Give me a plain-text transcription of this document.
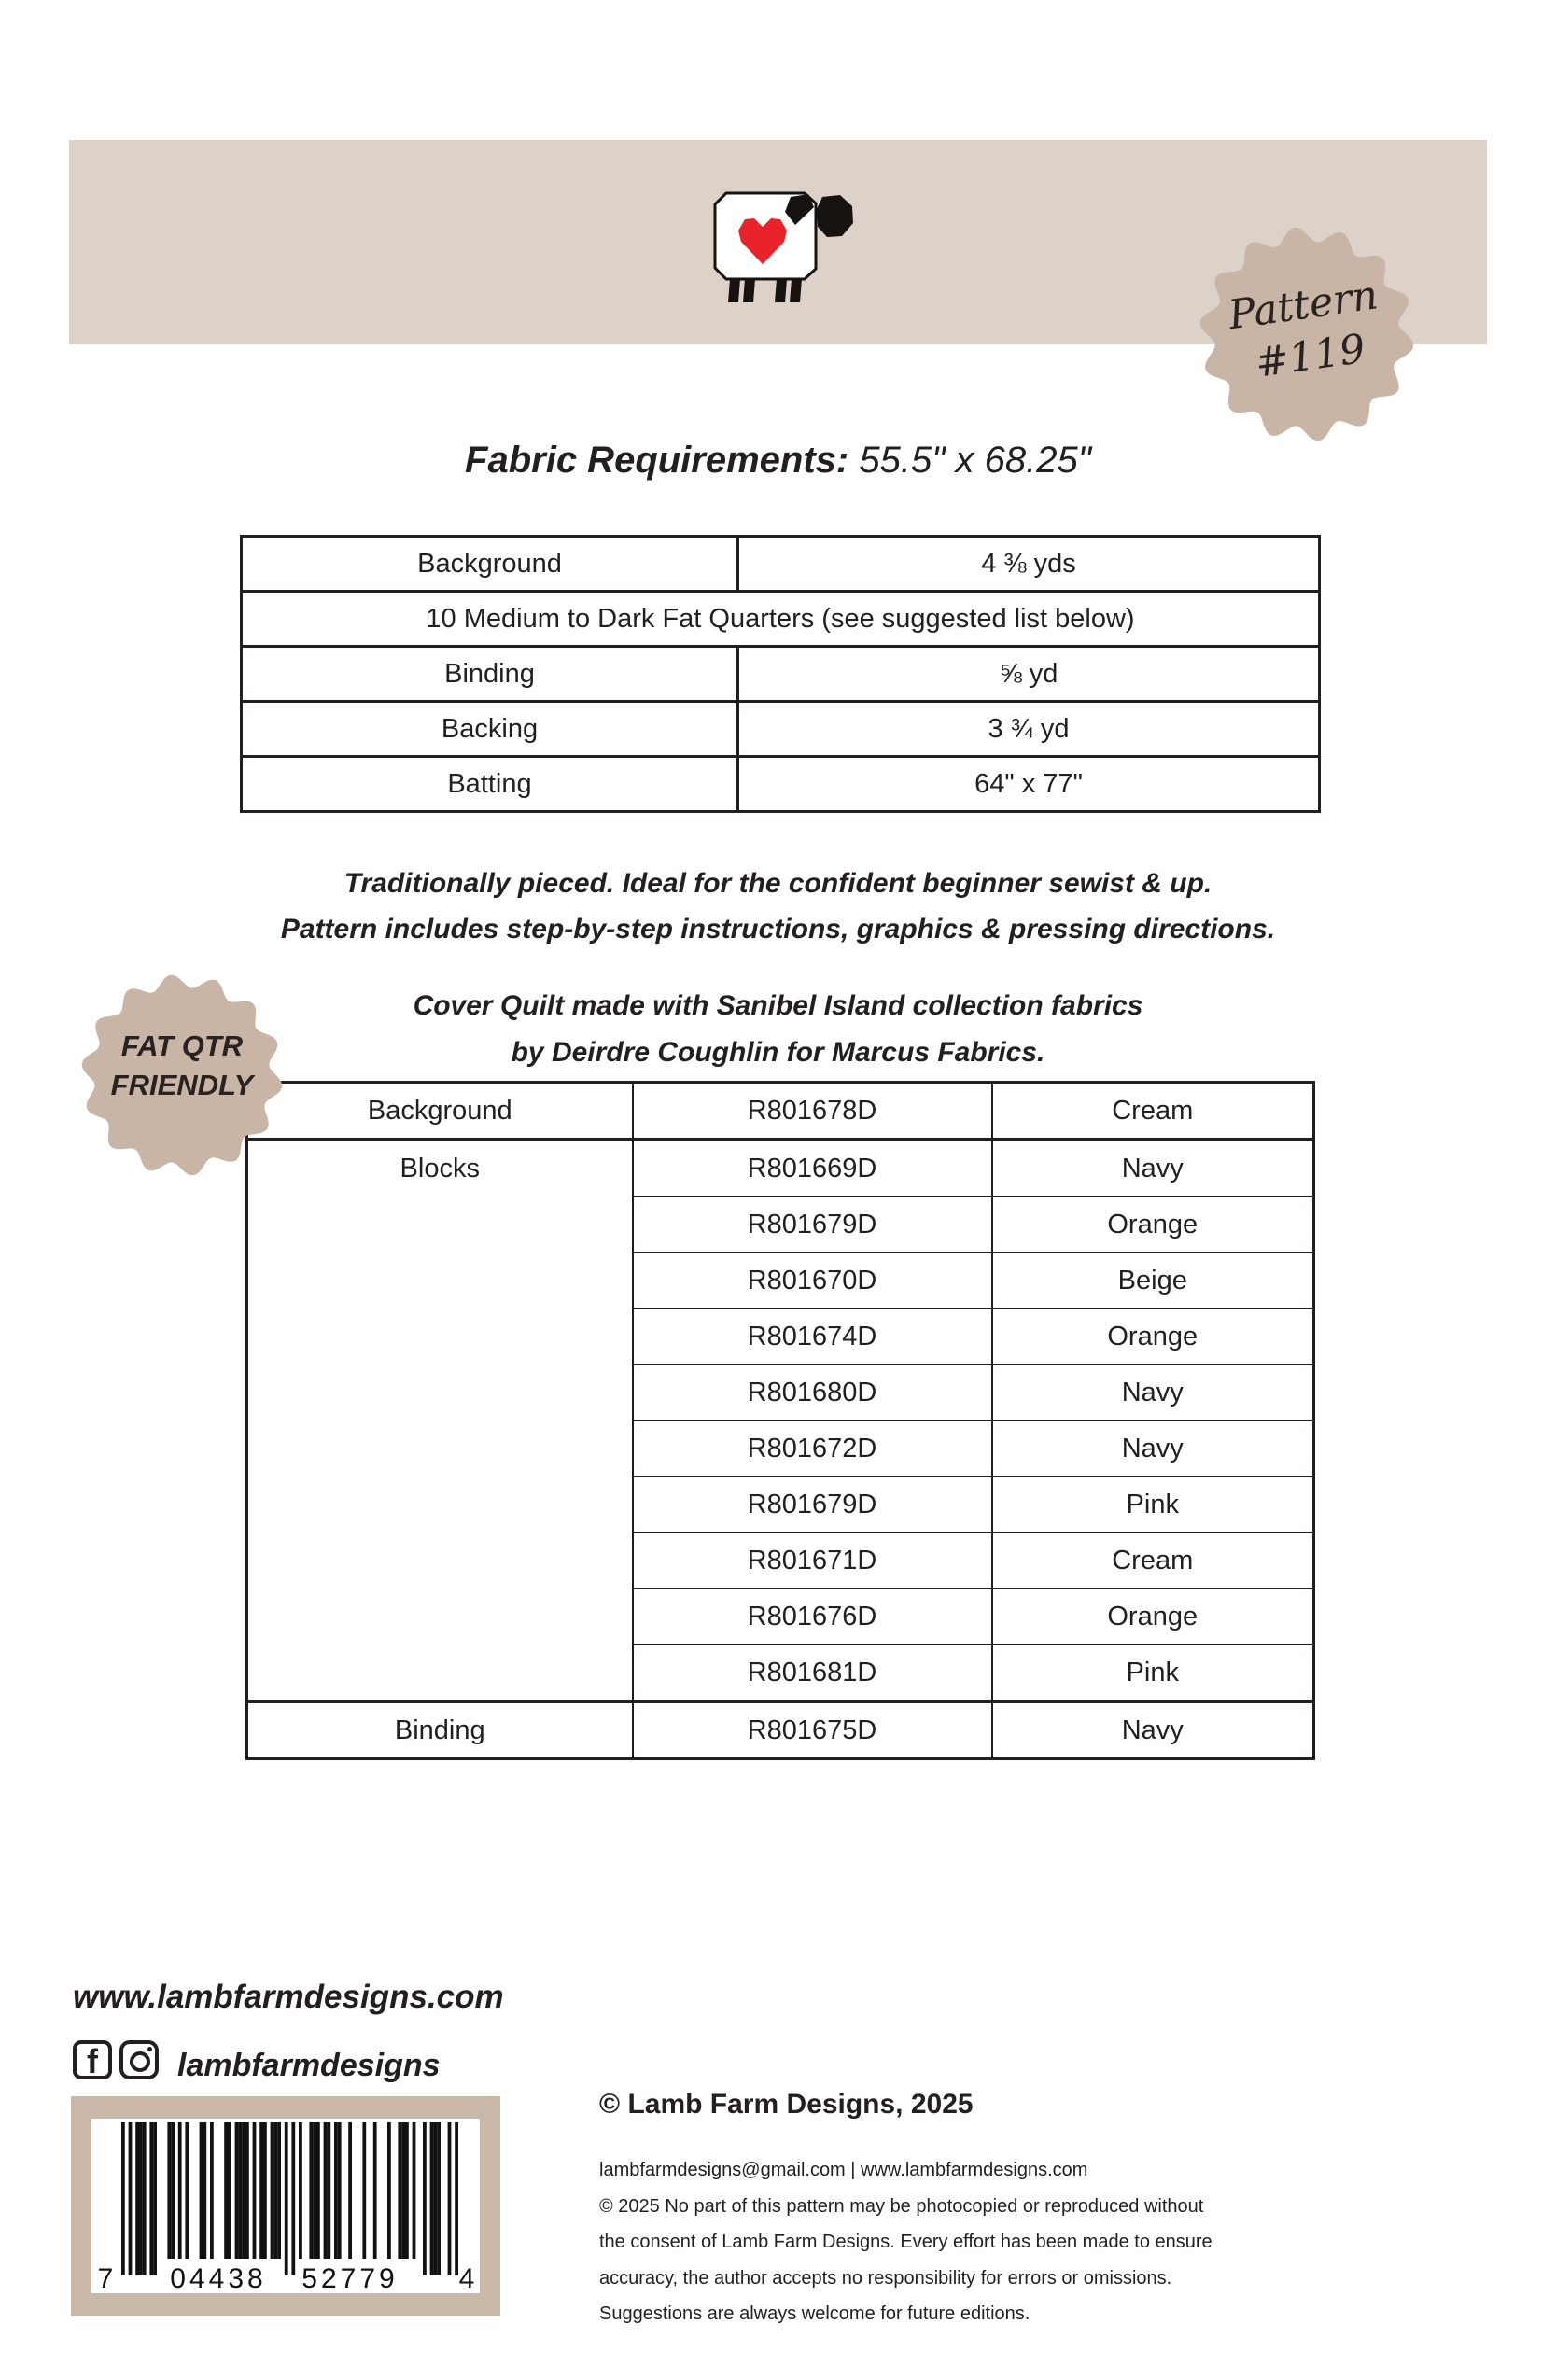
Pattern
#119
Fabric Requirements: 55.5" x 68.25"
Background	4 ⅜ yds
10 Medium to Dark Fat Quarters (see suggested list below)	
Binding	⅝ yd
Backing	3 ¾ yd
Batting	64" x 77"
Traditionally pieced. Ideal for the confident beginner sewist & up.
Pattern includes step-by-step instructions, graphics & pressing directions.
Cover Quilt made with Sanibel Island collection fabrics
by Deirdre Coughlin for Marcus Fabrics.
Background	R801678D	Cream
Blocks	R801669D	Navy
	R801679D	Orange
	R801670D	Beige
	R801674D	Orange
	R801680D	Navy
	R801672D	Navy
	R801679D	Pink
	R801671D	Cream
	R801676D	Orange
	R801681D	Pink
Binding	R801675D	Navy
FAT QTR
FRIENDLY
www.lambfarmdesigns.com
f	lambfarmdesigns
7 04438 52779 4
© Lamb Farm Designs, 2025
lambfarmdesigns@gmail.com | www.lambfarmdesigns.com
© 2025 No part of this pattern may be photocopied or reproduced without
the consent of Lamb Farm Designs. Every effort has been made to ensure
accuracy, the author accepts no responsibility for errors or omissions.
Suggestions are always welcome for future editions.
